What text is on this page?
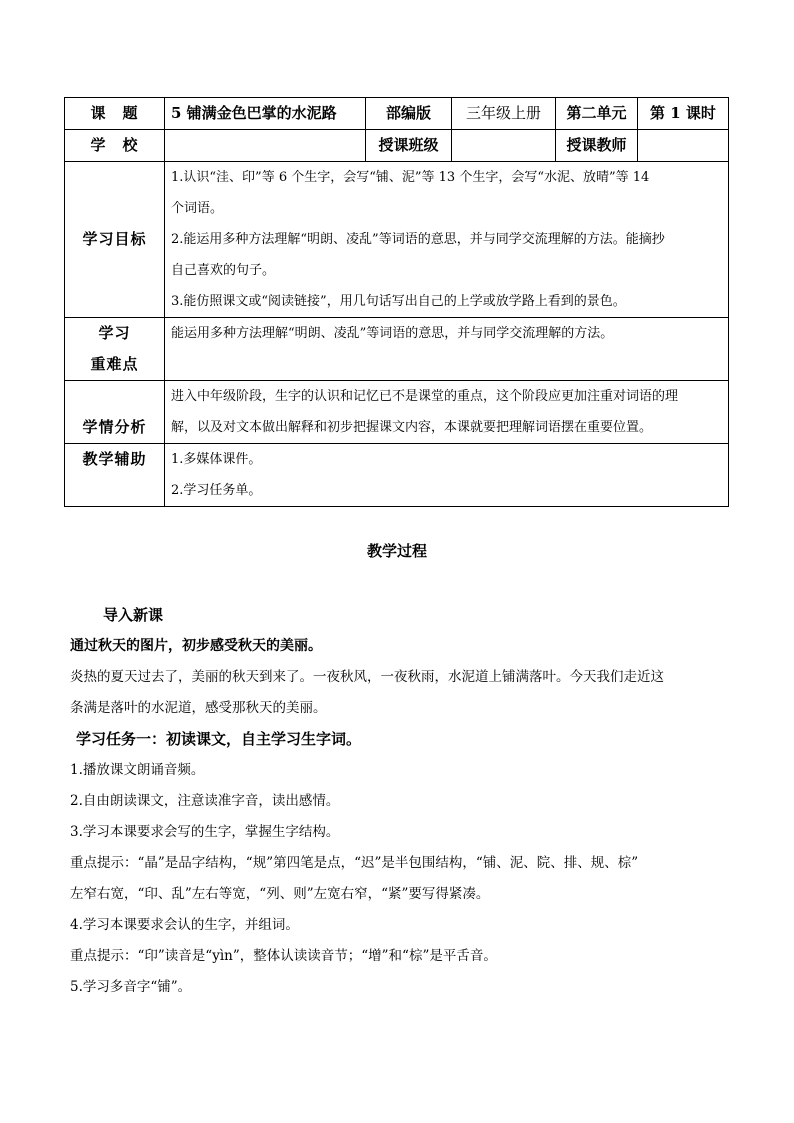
课　题	5 铺满金色巴掌的水泥路	部编版	三年级上册	第二单元	第 1 课时
学　校		授课班级		授课教师	
学习目标	1.认识“洼、印”等 6 个生字，会写“铺、泥”等 13 个生字，会写“水泥、放晴”等 14

个词语。

2.能运用多种方法理解“明朗、凌乱”等词语的意思，并与同学交流理解的方法。能摘抄

自己喜欢的句子。

3.能仿照课文或“阅读链接”，用几句话写出自己的上学或放学路上看到的景色。				

学习
重难点	能运用多种方法理解“明朗、凌乱”等词语的意思，并与同学交流理解的方法。				

学情分析	进入中年级阶段，生字的认识和记忆已不是课堂的重点，这个阶段应更加注重对词语的理

解，以及对文本做出解释和初步把握课文内容，本课就要把理解词语摆在重要位置。				

教学辅助	1.多媒体课件。

2.学习任务单。				

教学过程

导入新课

通过秋天的图片，初步感受秋天的美丽。

炎热的夏天过去了，美丽的秋天到来了。一夜秋风，一夜秋雨，水泥道上铺满落叶。今天我们走近这

条满是落叶的水泥道，感受那秋天的美丽。

学习任务一：初读课文，自主学习生字词。

1.播放课文朗诵音频。

2.自由朗读课文，注意读准字音，读出感情。

3.学习本课要求会写的生字，掌握生字结构。

重点提示：“晶”是品字结构，“规”第四笔是点，“迟”是半包围结构，“铺、泥、院、排、规、棕”

左窄右宽，“印、乱”左右等宽，“列、则”左宽右窄，“紧”要写得紧凑。

4.学习本课要求会认的生字，并组词。

重点提示：“印”读音是“yìn”，整体认读读音节；“增”和“棕”是平舌音。

5.学习多音字“铺”。
